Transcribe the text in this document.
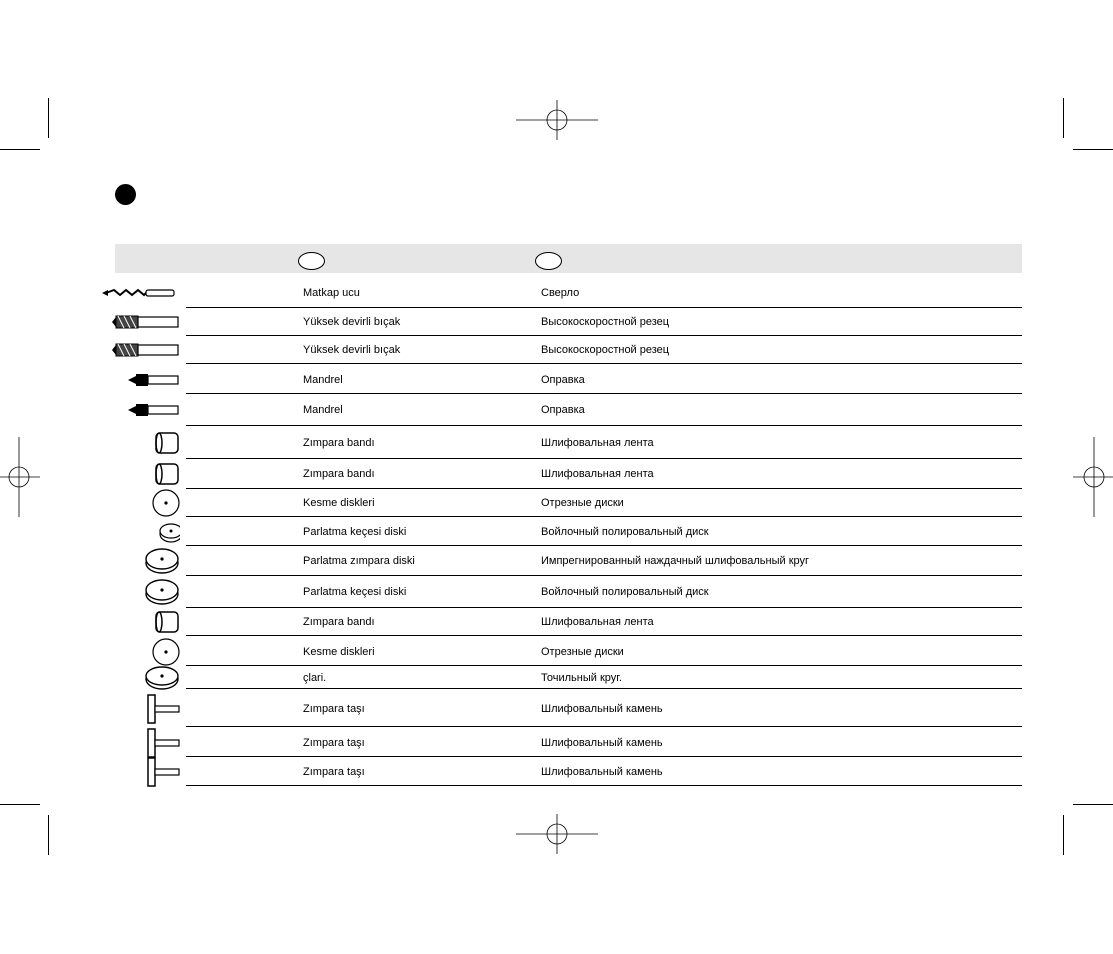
Matkap ucu	Сверло
Yüksek devirli bıçak	Высокоскоростной резец
Yüksek devirli bıçak	Высокоскоростной резец
Mandrel	Оправка
Mandrel	Оправка
Zımpara bandı	Шлифовальная лента
Zımpara bandı	Шлифовальная лента
Kesme diskleri	Отрезные диски
Parlatma keçesi diski	Войлочный полировальный диск
Parlatma zımpara diski	Импрегнированный наждачный шлифовальный круг
Parlatma keçesi diski	Войлочный полировальный диск
Zımpara bandı	Шлифовальная лента
Kesme diskleri	Отрезные диски
çlari.	Точильный круг.
Zımpara taşı	Шлифовальный камень
Zımpara taşı	Шлифовальный камень
Zımpara taşı	Шлифовальный камень
